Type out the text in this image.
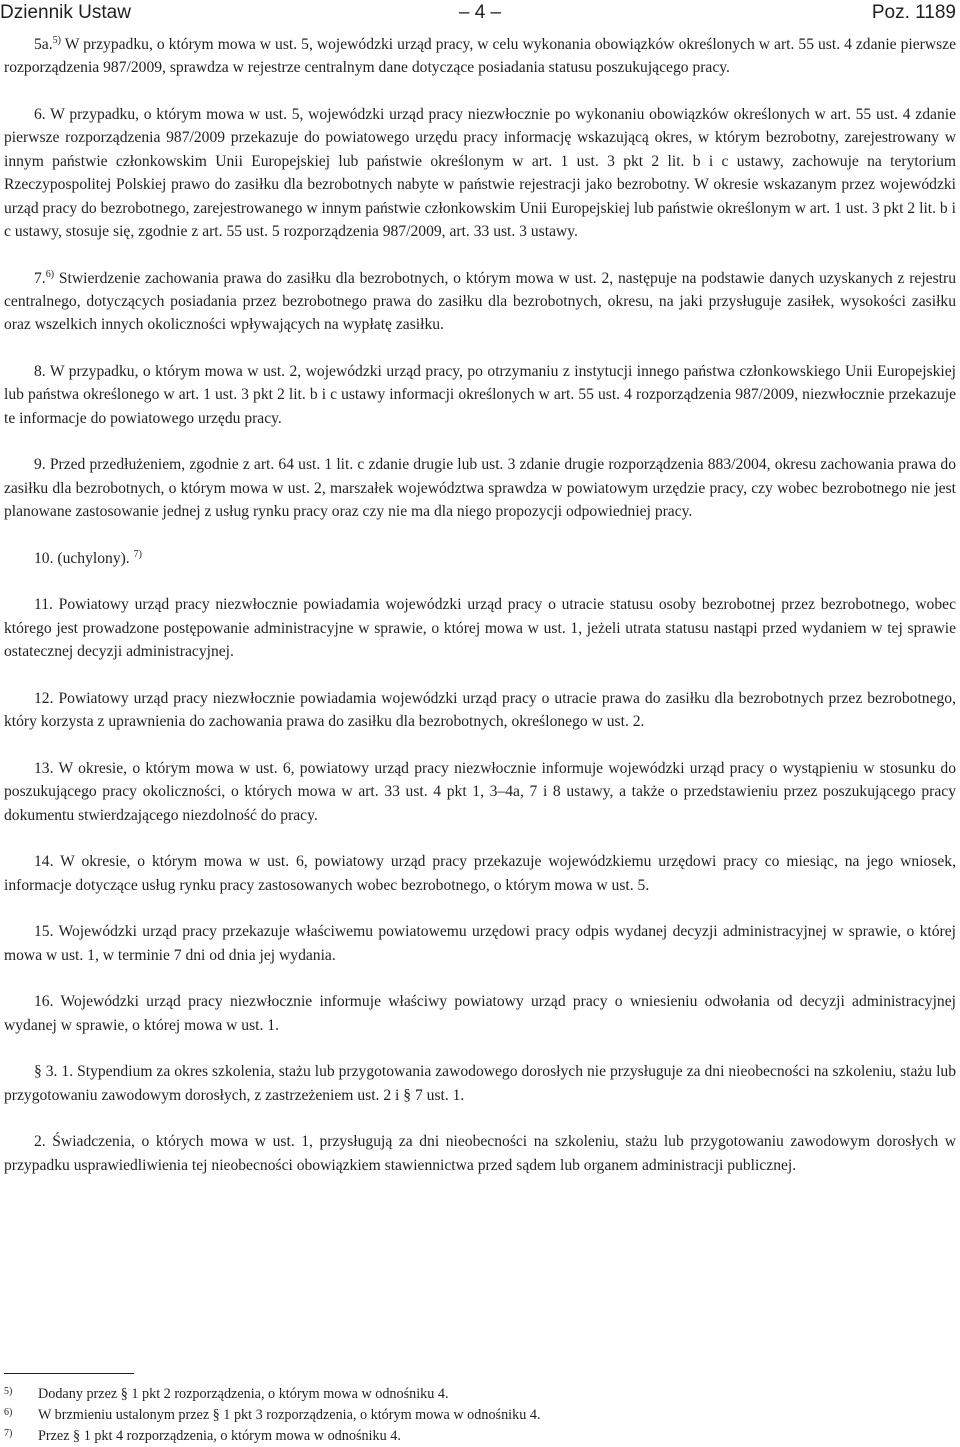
Dziennik Ustaw	– 4 –	Poz. 1189

5a.$^{5)}$ W przypadku, o którym mowa w ust. 5, wojewódzki urząd pracy, w celu wykonania obowiązków określonych w art. 55 ust. 4 zdanie pierwsze rozporządzenia 987/2009, sprawdza w rejestrze centralnym dane dotyczące posiadania statusu poszukującego pracy.

6. W przypadku, o którym mowa w ust. 5, wojewódzki urząd pracy niezwłocznie po wykonaniu obowiązków określonych w art. 55 ust. 4 zdanie pierwsze rozporządzenia 987/2009 przekazuje do powiatowego urzędu pracy informację wskazującą okres, w którym bezrobotny, zarejestrowany w innym państwie członkowskim Unii Europejskiej lub państwie określonym w art. 1 ust. 3 pkt 2 lit. b i c ustawy, zachowuje na terytorium Rzeczypospolitej Polskiej prawo do zasiłku dla bezrobotnych nabyte w państwie rejestracji jako bezrobotny. W okresie wskazanym przez wojewódzki urząd pracy do bezrobotnego, zarejestrowanego w innym państwie członkowskim Unii Europejskiej lub państwie określonym w art. 1 ust. 3 pkt 2 lit. b i c ustawy, stosuje się, zgodnie z art. 55 ust. 5 rozporządzenia 987/2009, art. 33 ust. 3 ustawy.

7.$^{6)}$ Stwierdzenie zachowania prawa do zasiłku dla bezrobotnych, o którym mowa w ust. 2, następuje na podstawie danych uzyskanych z rejestru centralnego, dotyczących posiadania przez bezrobotnego prawa do zasiłku dla bezrobotnych, okresu, na jaki przysługuje zasiłek, wysokości zasiłku oraz wszelkich innych okoliczności wpływających na wypłatę zasiłku.

8. W przypadku, o którym mowa w ust. 2, wojewódzki urząd pracy, po otrzymaniu z instytucji innego państwa członkowskiego Unii Europejskiej lub państwa określonego w art. 1 ust. 3 pkt 2 lit. b i c ustawy informacji określonych w art. 55 ust. 4 rozporządzenia 987/2009, niezwłocznie przekazuje te informacje do powiatowego urzędu pracy.

9. Przed przedłużeniem, zgodnie z art. 64 ust. 1 lit. c zdanie drugie lub ust. 3 zdanie drugie rozporządzenia 883/2004, okresu zachowania prawa do zasiłku dla bezrobotnych, o którym mowa w ust. 2, marszałek województwa sprawdza w powiatowym urzędzie pracy, czy wobec bezrobotnego nie jest planowane zastosowanie jednej z usług rynku pracy oraz czy nie ma dla niego propozycji odpowiedniej pracy.

10. (uchylony). $^{7)}$

11. Powiatowy urząd pracy niezwłocznie powiadamia wojewódzki urząd pracy o utracie statusu osoby bezrobotnej przez bezrobotnego, wobec którego jest prowadzone postępowanie administracyjne w sprawie, o której mowa w ust. 1, jeżeli utrata statusu nastąpi przed wydaniem w tej sprawie ostatecznej decyzji administracyjnej.

12. Powiatowy urząd pracy niezwłocznie powiadamia wojewódzki urząd pracy o utracie prawa do zasiłku dla bezrobotnych przez bezrobotnego, który korzysta z uprawnienia do zachowania prawa do zasiłku dla bezrobotnych, określonego w ust. 2.

13. W okresie, o którym mowa w ust. 6, powiatowy urząd pracy niezwłocznie informuje wojewódzki urząd pracy o wystąpieniu w stosunku do poszukującego pracy okoliczności, o których mowa w art. 33 ust. 4 pkt 1, 3–4a, 7 i 8 ustawy, a także o przedstawieniu przez poszukującego pracy dokumentu stwierdzającego niezdolność do pracy.

14. W okresie, o którym mowa w ust. 6, powiatowy urząd pracy przekazuje wojewódzkiemu urzędowi pracy co miesiąc, na jego wniosek, informacje dotyczące usług rynku pracy zastosowanych wobec bezrobotnego, o którym mowa w ust. 5.

15. Wojewódzki urząd pracy przekazuje właściwemu powiatowemu urzędowi pracy odpis wydanej decyzji administracyjnej w sprawie, o której mowa w ust. 1, w terminie 7 dni od dnia jej wydania.

16. Wojewódzki urząd pracy niezwłocznie informuje właściwy powiatowy urząd pracy o wniesieniu odwołania od decyzji administracyjnej wydanej w sprawie, o której mowa w ust. 1.

§ 3. 1. Stypendium za okres szkolenia, stażu lub przygotowania zawodowego dorosłych nie przysługuje za dni nieobecności na szkoleniu, stażu lub przygotowaniu zawodowym dorosłych, z zastrzeżeniem ust. 2 i § 7 ust. 1.

2. Świadczenia, o których mowa w ust. 1, przysługują za dni nieobecności na szkoleniu, stażu lub przygotowaniu zawodowym dorosłych w przypadku usprawiedliwienia tej nieobecności obowiązkiem stawiennictwa przed sądem lub organem administracji publicznej.

5) Dodany przez § 1 pkt 2 rozporządzenia, o którym mowa w odnośniku 4.
6) W brzmieniu ustalonym przez § 1 pkt 3 rozporządzenia, o którym mowa w odnośniku 4.
7) Przez § 1 pkt 4 rozporządzenia, o którym mowa w odnośniku 4.
